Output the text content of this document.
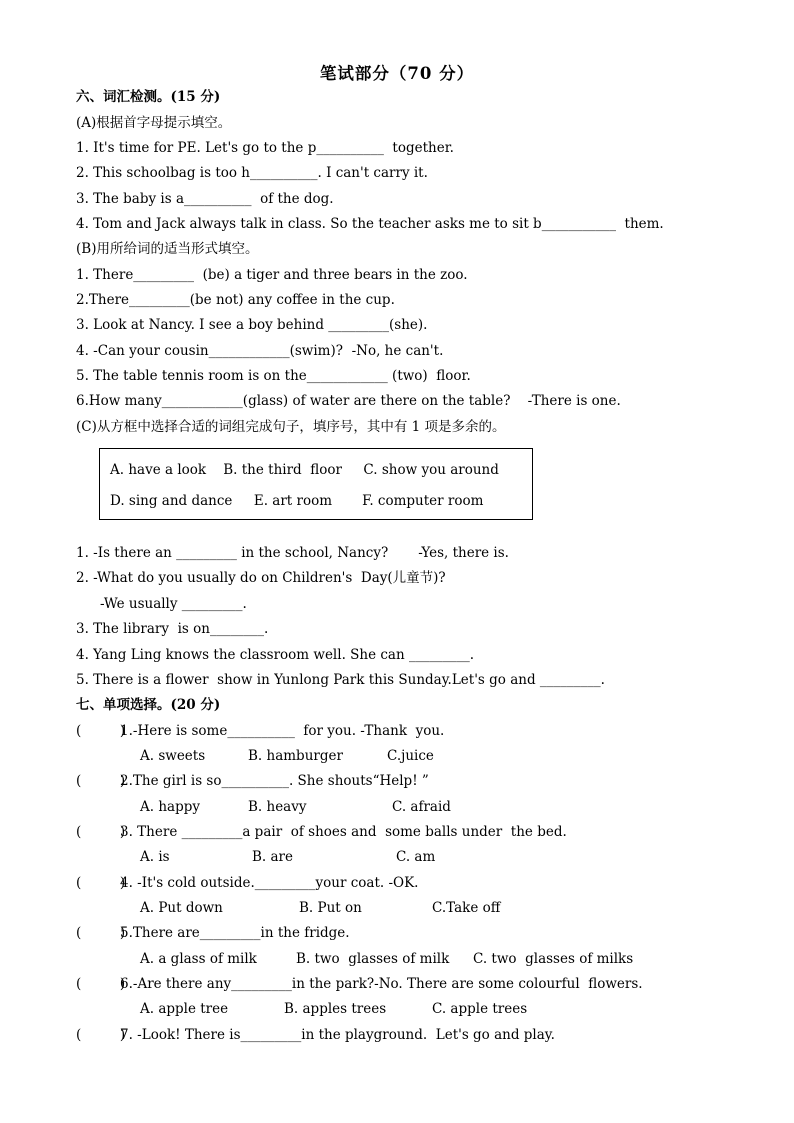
笔试部分（70 分）
六、词汇检测。(15 分)
(A)根据首字母提示填空。
1. It's time for PE. Let's go to the p__________  together.
2. This schoolbag is too h__________. I can't carry it.
3. The baby is a__________  of the dog.
4. Tom and Jack always talk in class. So the teacher asks me to sit b___________  them.
(B)用所给词的适当形式填空。
1. There_________  (be) a tiger and three bears in the zoo.
2.There_________(be not) any coffee in the cup.
3. Look at Nancy. I see a boy behind _________(she).
4. -Can your cousin____________(swim)?  -No, he can't.
5. The table tennis room is on the____________ (two)  floor.
6.How many____________(glass) of water are there on the table?    -There is one.
(C)从方框中选择合适的词组完成句子，填序号，其中有 1 项是多余的。
A. have a look    B. the third  floor     C. show you around
D. sing and dance     E. art room       F. computer room
1. -Is there an _________ in the school, Nancy?       -Yes, there is.
2. -What do you usually do on Children's  Day(儿童节)?
-We usually _________.
3. The library  is on________.
4. Yang Ling knows the classroom well. She can _________.
5. There is a flower  show in Yunlong Park this Sunday.Let's go and _________.
七、单项选择。(20 分)
(         )
1.-Here is some__________  for you. -Thank  you.
A. sweets	B. hamburger	C.juice
(         )
2.The girl is so__________. She shouts“Help! ”
A. happy	B. heavy	C. afraid
(         )
3. There _________a pair  of shoes and  some balls under  the bed.
A. is	B. are	C. am
(         )
4. -It's cold outside._________your coat. -OK.
A. Put down	B. Put on	C.Take off
(         )
5.There are_________in the fridge.
A. a glass of milk	B. two  glasses of milk C. two  glasses of milks
(         )
6.-Are there any_________in the park?-No. There are some colourful  flowers.
A. apple tree	B. apples trees	C. apple trees
(         )
7. -Look! There is_________in the playground.  Let's go and play.
